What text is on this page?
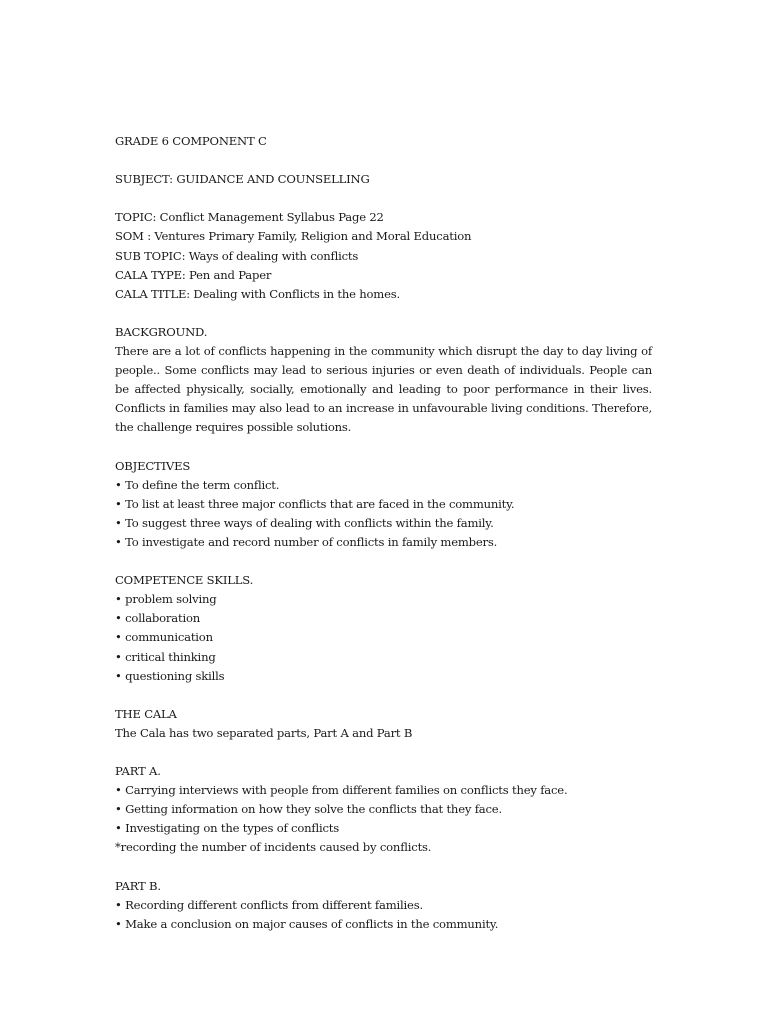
GRADE 6 COMPONENT C
SUBJECT: GUIDANCE AND COUNSELLING
TOPIC: Conflict Management Syllabus Page 22
SOM : Ventures Primary Family, Religion and Moral Education
SUB TOPIC: Ways of dealing with conflicts
CALA TYPE: Pen and Paper
CALA TITLE: Dealing with Conflicts in the homes.
BACKGROUND.
There are a lot of conflicts happening in the community which disrupt the day to day living of people.. Some conflicts may lead to serious injuries or even death of individuals. People can be affected physically, socially, emotionally and leading to poor performance in their lives. Conflicts in families may also lead to an increase in unfavourable living conditions. Therefore, the challenge requires possible solutions.
OBJECTIVES
• To define the term conflict.
• To list at least three major conflicts that are faced in the community.
• To suggest three ways of dealing with conflicts within the family.
• To investigate and record number of conflicts in family members.
COMPETENCE SKILLS.
• problem solving
• collaboration
• communication
• critical thinking
• questioning skills
THE CALA
The Cala has two separated parts, Part A and Part B
PART A.
• Carrying interviews with people from different families on conflicts they face.
• Getting information on how they solve the conflicts that they face.
• Investigating on the types of conflicts
*recording the number of incidents caused by conflicts.
PART B.
• Recording different conflicts from different families.
• Make a conclusion on major causes of conflicts in the community.
